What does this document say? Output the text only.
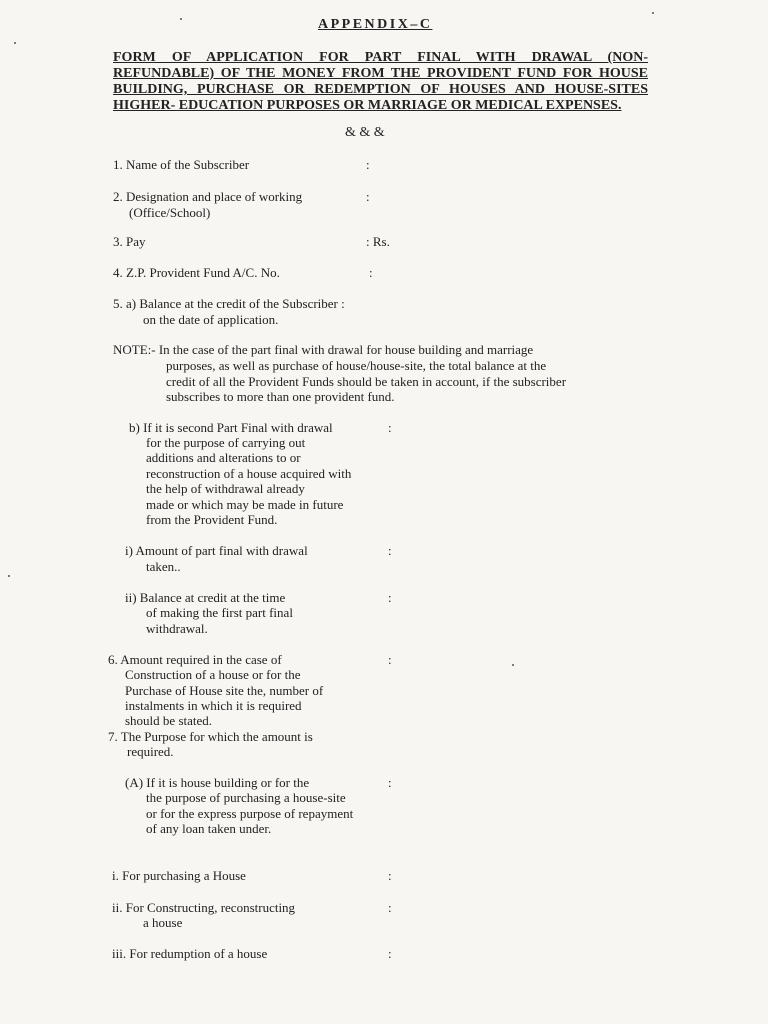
APPENDIX–C
FORM OF APPLICATION FOR PART FINAL WITH DRAWAL (NON-
REFUNDABLE) OF THE MONEY FROM THE PROVIDENT FUND FOR HOUSE
BUILDING, PURCHASE OR REDEMPTION OF HOUSES AND HOUSE-SITES
HIGHER- EDUCATION PURPOSES OR MARRIAGE OR MEDICAL EXPENSES.
& & &
1. Name of the Subscriber	:
2. Designation and place of working
(Office/School)
:
3. Pay	: Rs.
4. Z.P. Provident Fund A/C. No.	:
5. a) Balance at the credit of the Subscriber :
on the date of application.
NOTE:- In the case of the part final with drawal for house building and marriage
purposes, as well as purchase of house/house-site, the total balance at the
credit of all the Provident Funds should be taken in account, if the subscriber
subscribes to more than one provident fund.
b) If it is second Part Final with drawal
for the purpose of carrying out
additions and alterations to or
reconstruction of a house acquired with
the help of withdrawal already
made or which may be made in future
from the Provident Fund.
:
i) Amount of part final with drawal
taken..
:
ii) Balance at credit at the time
of making the first part final
withdrawal.
:
6. Amount required in the case of
Construction of a house or for the
Purchase of House site the, number of
instalments in which it is required
should be stated.
:
7. The Purpose for which the amount is
required.
(A) If it is house building or for the
the purpose of purchasing a house-site
or for the express purpose of repayment
of any loan taken under.
:
i. For purchasing a House	:
ii. For Constructing, reconstructing
a house
:
iii. For redumption of a house	:
